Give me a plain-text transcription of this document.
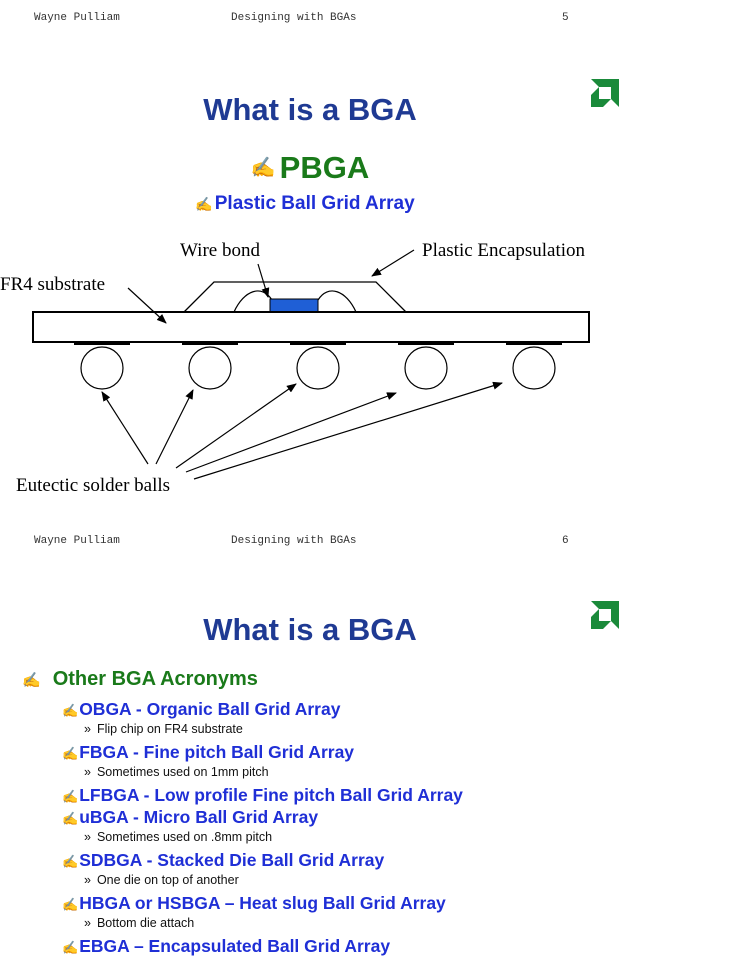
Wayne Pulliam	Designing with BGAs	5
What is a BGA
✍ PBGA
✍ Plastic Ball Grid Array
Wire bond	Plastic Encapsulation
FR4 substrate
Eutectic solder balls
Wayne Pulliam	Designing with BGAs	6
What is a BGA
✍ Other BGA Acronyms
✍OBGA - Organic Ball Grid Array
» Flip chip on FR4 substrate
✍FBGA - Fine pitch Ball Grid Array
» Sometimes used on 1mm pitch
✍LFBGA - Low profile Fine pitch Ball Grid Array
✍uBGA - Micro Ball Grid Array
» Sometimes used on .8mm pitch
✍SDBGA - Stacked Die Ball Grid Array
» One die on top of another
✍HBGA or HSBGA – Heat slug Ball Grid Array
» Bottom die attach
✍EBGA – Encapsulated Ball Grid Array
